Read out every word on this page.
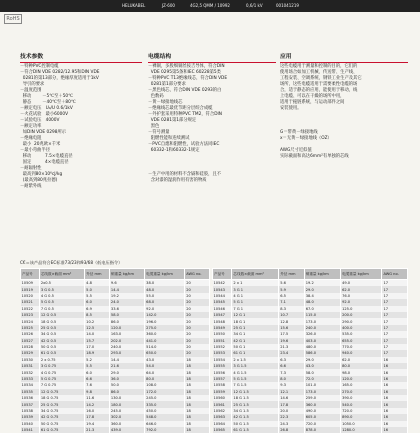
HELUKABEL	JZ-600	4G2,5 QMM / 10992	0,6/1 kV	001041219
RoHS
技术参数
－特种PVC控制电缆
－符合DIN VDE 0282/12.95和DIN VDE
0281的第13部分，绝缘厚度适用于1kV
导引的要求
－温度范围
移动        －5℃至＋50℃
静态        －40℃至＋80℃
－额定电压   U₀/U 0.6/1kV
－火花试验   最小6000V
－试验电压   4000V
－额定功率
如DIN VDE 0298所示
－绝缘电阻
最小  20兆欧×千米
－最小弯曲半径
移动          7.5×电缆直径
固定          4×电缆直径
－耐辐射性
最高到80×10⁶cJ/kg
(最高到80兆拉德)
－耐紫外线
电缆结构
－裸铜，多股细铜丝按吉导体，符合DIN
VDE 0295第5条和IEC 60228第5类
－特种PVC T13绝缘线芯，符合DIN VDE
0281第1部分要求
－黑色线芯，符合DIN VDE 0293的白
色数码
－黄－绿接地线芯
－绝缘线芯最优节距分层绞合成缆
－外护套采用特种PVC TM2，符合DIN
VDE 0281第1部分规定
黑色
－符号测量
阻燃性能和连续测试
－PVC自熄和阻燃性，试验方法同IEC
60332-1和60332-1规定

－生产中用的材料不含镉和硅胶，且不
含对漆的湿润作用有害的物质
应用
这些电缆用于测量和控制的目的，它们的
使用场合如加工机械、传送带、生产线、
工程安装、空调系统，钢铁工业生产及其它
场所，这些电缆适用于需要柔性电缆的场
合，适于静态的应用，能使用于移动，线
上电缆、可以在干燥的场所中用，
适用于拖链系统，与运动部件之间
安装使用。

G＝带黄－绿接地线
x＝无黄－绿接地线（OZ）

AWG尺寸近似值
实际截面和高达6mm²有单独的芯线
C€＝该产品符合EC标准73/23和93/68（低电压指令）
产品号	芯线数×截面 mm²	外径 mm	铜重量 kg/km	电缆重量 kg/km	AWG no.
10509	2x0.5	4.8	9.6	38.0	20
10519	3 G 0.5	5.0	14.4	48.0	20
10520	4 G 0.5	5.5	19.2	55.0	20
10521	5 G 0.5	6.0	24.0	68.0	20
10522	7 G 0.5	6.9	33.6	92.0	20
10523	12 G 0.5	8.5	58.0	142.0	20
10524	18 G 0.5	10.2	86.0	196.0	20
10525	25 G 0.5	12.5	120.0	275.0	20
10526	34 G 0.5	14.0	163.0	360.0	20
10527	42 G 0.5	15.7	202.0	441.0	20
10528	50 G 0.5	17.0	240.0	514.0	20
10529	61 G 0.5	18.9	293.0	650.0	20
10530	2 x 0.75	5.2	14.4	43.0	18
10531	3 G 0.75	5.5	21.6	54.0	18
10532	4 G 0.75	6.0	29.0	64.0	18
10533	5 G 0.75	6.6	36.0	80.0	18
10534	7 G 0.75	7.6	50.0	108.0	18
10535	12 G 0.75	9.8	86.0	172.0	18
10536	18 G 0.75	11.6	130.0	245.0	18
10537	25 G 0.75	14.2	180.0	335.0	18
10538	34 G 0.75	16.0	245.0	450.0	18
10539	42 G 0.75	17.8	302.0	548.0	18
10540	50 G 0.75	19.4	360.0	646.0	18
10541	61 G 0.75	21.3	439.0	792.0	18
产品号	芯线数×截面 mm²	外径 mm	铜重量 kg/km	电缆重量 kg/km	AWG no.
10542	2 x 1	5.6	19.2	49.0	17
10543	3 G 1	5.9	29.0	62.0	17
10544	4 G 1	6.5	38.4	76.0	17
10545	5 G 1	7.1	48.0	92.0	17
10546	7 G 1	8.3	67.0	125.0	17
10547	12 G 1	10.7	115.0	200.0	17
10548	18 G 1	12.8	173.0	290.0	17
10549	25 G 1	15.6	240.0	400.0	17
10550	34 G 1	17.5	326.0	535.0	17
10551	42 G 1	19.6	403.0	655.0	17
10552	50 G 1	21.3	480.0	770.0	17
10553	61 G 1	23.4	586.0	940.0	17
10554	2 x 1.5	6.3	29.0	62.0	16
10555	3 G 1.5	6.6	43.0	80.0	16
10556	4 G 1.5	7.3	58.0	98.0	16
10557	5 G 1.5	8.0	72.0	120.0	16
10558	7 G 1.5	9.3	101.0	165.0	16
10559	12 G 1.5	12.1	173.0	270.0	16
10560	18 G 1.5	14.6	259.0	390.0	16
10561	25 G 1.5	17.8	360.0	540.0	16
10562	34 G 1.5	20.0	490.0	720.0	16
10563	42 G 1.5	22.3	605.0	890.0	16
10564	50 G 1.5	24.3	720.0	1050.0	16
10565	61 G 1.5	26.8	878.0	1280.0	16
